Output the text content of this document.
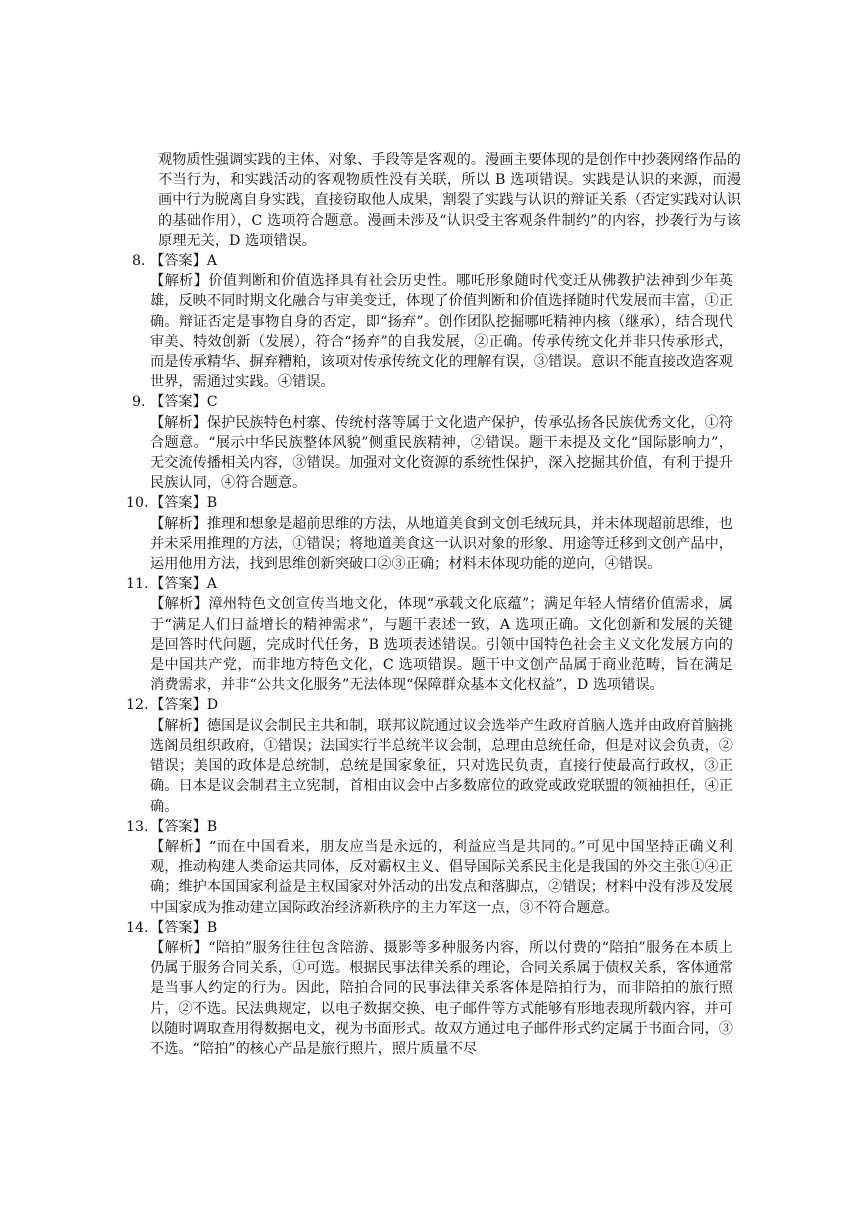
观物质性强调实践的主体、对象、手段等是客观的。漫画主要体现的是创作中抄袭网络作品的不当行为，和实践活动的客观物质性没有关联，所以 B 选项错误。实践是认识的来源，而漫画中行为脱离自身实践，直接窃取他人成果，割裂了实践与认识的辩证关系（否定实践对认识的基础作用），C 选项符合题意。漫画未涉及“认识受主客观条件制约”的内容，抄袭行为与该原理无关，D 选项错误。

8. 【答案】A

【解析】价值判断和价值选择具有社会历史性。哪吒形象随时代变迁从佛教护法神到少年英雄，反映不同时期文化融合与审美变迁，体现了价值判断和价值选择随时代发展而丰富，①正确。辩证否定是事物自身的否定，即“扬弃”。创作团队挖掘哪吒精神内核（继承），结合现代审美、特效创新（发展），符合“扬弃”的自我发展，②正确。传承传统文化并非只传承形式，而是传承精华、摒弃糟粕，该项对传承传统文化的理解有误，③错误。意识不能直接改造客观世界，需通过实践。④错误。

9. 【答案】C

【解析】保护民族特色村寨、传统村落等属于文化遗产保护，传承弘扬各民族优秀文化，①符合题意。“展示中华民族整体风貌”侧重民族精神，②错误。题干未提及文化“国际影响力”，无交流传播相关内容，③错误。加强对文化资源的系统性保护，深入挖掘其价值，有利于提升民族认同，④符合题意。

10. 【答案】B

【解析】推理和想象是超前思维的方法，从地道美食到文创毛绒玩具，并未体现超前思维，也并未采用推理的方法，①错误；将地道美食这一认识对象的形象、用途等迁移到文创产品中，运用他用方法，找到思维创新突破口②③正确；材料未体现功能的逆向，④错误。

11. 【答案】A

【解析】漳州特色文创宣传当地文化，体现“承载文化底蕴”；满足年轻人情绪价值需求，属于“满足人们日益增长的精神需求”，与题干表述一致，A 选项正确。文化创新和发展的关键是回答时代问题，完成时代任务，B 选项表述错误。引领中国特色社会主义文化发展方向的是中国共产党，而非地方特色文化，C 选项错误。题干中文创产品属于商业范畴，旨在满足消费需求，并非“公共文化服务”无法体现“保障群众基本文化权益”，D 选项错误。

12. 【答案】D

【解析】德国是议会制民主共和制，联邦议院通过议会选举产生政府首脑人选并由政府首脑挑选阁员组织政府，①错误；法国实行半总统半议会制，总理由总统任命，但是对议会负责，②错误；美国的政体是总统制，总统是国家象征，只对选民负责，直接行使最高行政权，③正确。日本是议会制君主立宪制，首相由议会中占多数席位的政党或政党联盟的领袖担任，④正确。

13. 【答案】B

【解析】“而在中国看来，朋友应当是永远的，利益应当是共同的。”可见中国坚持正确义利观，推动构建人类命运共同体，反对霸权主义、倡导国际关系民主化是我国的外交主张①④正确；维护本国国家利益是主权国家对外活动的出发点和落脚点，②错误；材料中没有涉及发展中国家成为推动建立国际政治经济新秩序的主力军这一点，③不符合题意。

14. 【答案】B

【解析】“陪拍”服务往往包含陪游、摄影等多种服务内容，所以付费的“陪拍”服务在本质上仍属于服务合同关系，①可选。根据民事法律关系的理论，合同关系属于债权关系，客体通常是当事人约定的行为。因此，陪拍合同的民事法律关系客体是陪拍行为，而非陪拍的旅行照片，②不选。民法典规定，以电子数据交换、电子邮件等方式能够有形地表现所载内容，并可以随时调取查用得数据电文，视为书面形式。故双方通过电子邮件形式约定属于书面合同，③不选。“陪拍”的核心产品是旅行照片，照片质量不尽
